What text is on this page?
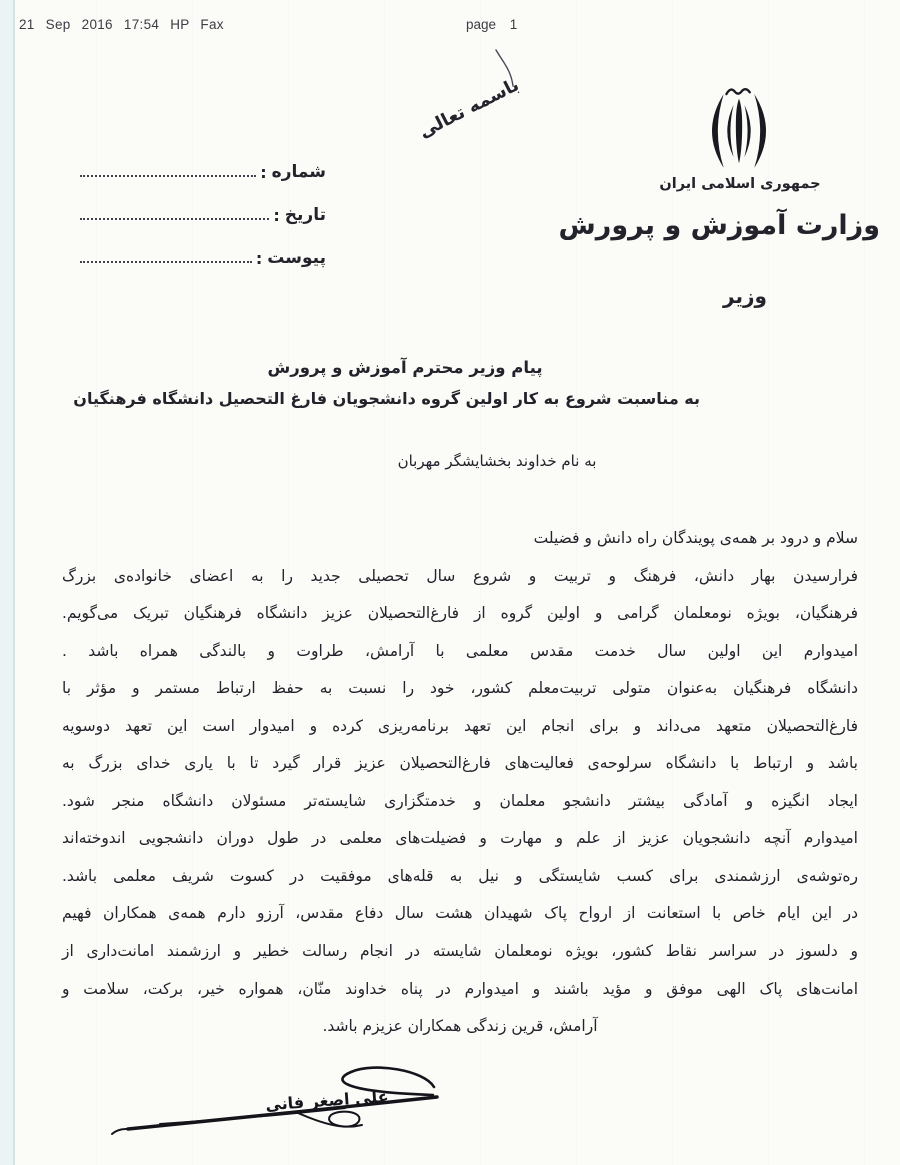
21 Sep 2016 17:54 HP Fax	page 1
باسمه تعالی
جمهوری اسلامی ایران
وزارت آموزش و پرورش
وزیر
شماره
:
تاریخ
:
پیوست
:
پیام وزیر محترم آموزش و پرورش
به مناسبت شروع به کار اولین گروه دانشجویان فارغ التحصیل دانشگاه فرهنگیان
به نام خداوند بخشایشگر مهربان
سلام و درود بر همه‌ی پویندگان راه دانش و فضیلت
فرارسیدن بهار دانش، فرهنگ و تربیت و شروع سال تحصیلی جدید را به اعضای خانواده‌ی بزرگ
فرهنگیان، بویژه نومعلمان گرامی و اولین گروه از فارغ‌التحصیلان عزیز دانشگاه فرهنگیان تبریک می‌گویم.
امیدوارم این اولین سال خدمت مقدس معلمی با آرامش، طراوت و بالندگی همراه باشد .
دانشگاه فرهنگیان به‌عنوان متولی تربیت‌معلم کشور، خود را نسبت به حفظ ارتباط مستمر و مؤثر با
فارغ‌التحصیلان متعهد می‌داند و برای انجام این تعهد برنامه‌ریزی کرده و امیدوار است این تعهد دوسویه
باشد و ارتباط با دانشگاه سرلوحه‌ی فعالیت‌های فارغ‌التحصیلان عزیز قرار گیرد تا با یاری خدای بزرگ به
ایجاد انگیزه و آمادگی بیشتر دانشجو معلمان و خدمتگزاری شایسته‌تر مسئولان دانشگاه منجر شود.
امیدوارم آنچه دانشجویان عزیز از علم و مهارت و فضیلت‌های معلمی در طول دوران دانشجویی اندوخته‌اند
ره‌توشه‌ی ارزشمندی برای کسب شایستگی و نیل به قله‌های موفقیت در کسوت شریف معلمی باشد.
در این ایام خاص با استعانت از ارواح پاک شهیدان هشت سال دفاع مقدس، آرزو دارم همه‌ی همکاران فهیم
و دلسوز در سراسر نقاط کشور، بویژه نومعلمان شایسته در انجام رسالت خطیر و ارزشمند امانت‌داری از
امانت‌های پاک الهی موفق و مؤید باشند و امیدوارم در پناه خداوند منّان، همواره خیر، برکت، سلامت و
آرامش، قرین زندگی همکاران عزیزم باشد.
علی اصغر فانی
